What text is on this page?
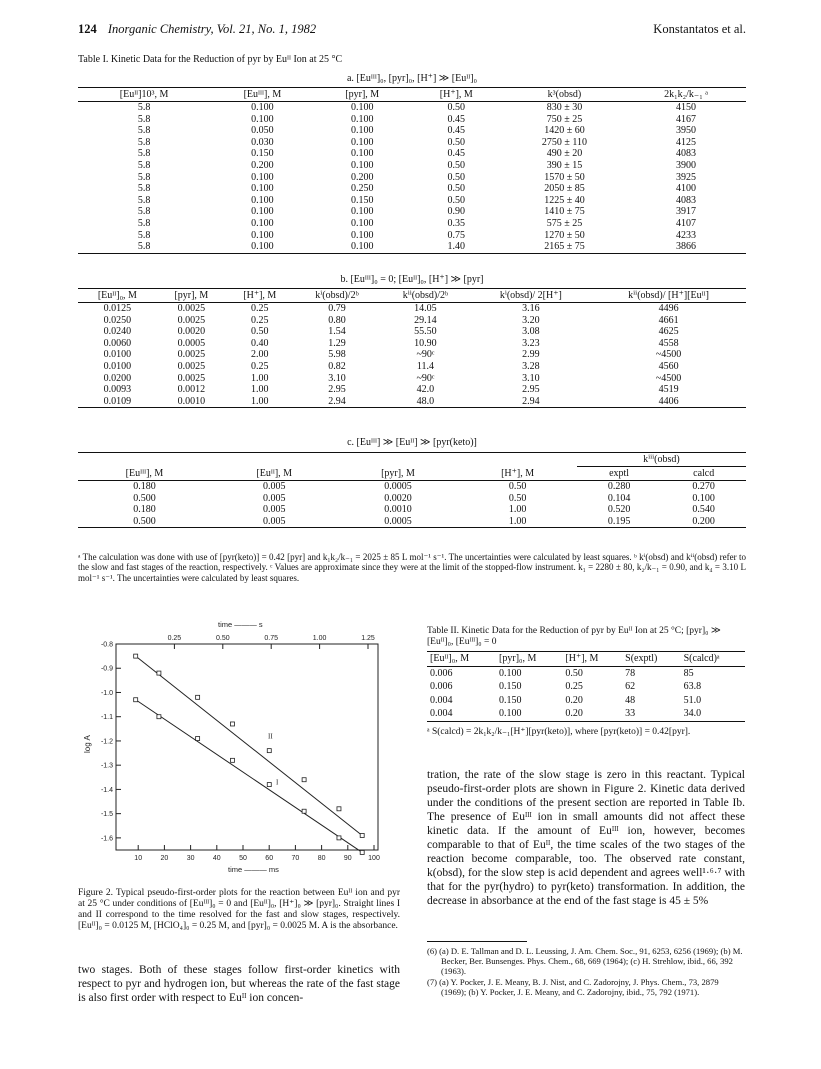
124 Inorganic Chemistry, Vol. 21, No. 1, 1982	Konstantatos et al.
Table I. Kinetic Data for the Reduction of pyr by Euᴵᴵ Ion at 25 °C
a. [Euᴵᴵᴵ]₀, [pyr]₀, [H⁺] ≫ [Euᴵᴵ]₀
[Euᴵᴵ]10³, M	[Euᴵᴵᴵ], M	[pyr], M	[H⁺], M	k³(obsd)	2k₁k₂/k₋₁ ᵃ
5.8	0.100	0.100	0.50	830 ± 30	4150
5.8	0.100	0.100	0.45	750 ± 25	4167
5.8	0.050	0.100	0.45	1420 ± 60	3950
5.8	0.030	0.100	0.50	2750 ± 110	4125
5.8	0.150	0.100	0.45	490 ± 20	4083
5.8	0.200	0.100	0.50	390 ± 15	3900
5.8	0.100	0.200	0.50	1570 ± 50	3925
5.8	0.100	0.250	0.50	2050 ± 85	4100
5.8	0.100	0.150	0.50	1225 ± 40	4083
5.8	0.100	0.100	0.90	1410 ± 75	3917
5.8	0.100	0.100	0.35	575 ± 25	4107
5.8	0.100	0.100	0.75	1270 ± 50	4233
5.8	0.100	0.100	1.40	2165 ± 75	3866
b. [Euᴵᴵᴵ]₀ = 0; [Euᴵᴵ]₀, [H⁺] ≫ [pyr]
[Euᴵᴵ]₀, M	[pyr], M	[H⁺], M	kⁱ(obsd)/2ᵇ	kⁱⁱ(obsd)/2ᵇ	kⁱ(obsd)/ 2[H⁺]	kⁱⁱ(obsd)/ [H⁺][Euᴵᴵ]
0.0125	0.0025	0.25	0.79	14.05	3.16	4496
0.0250	0.0025	0.25	0.80	29.14	3.20	4661
0.0240	0.0020	0.50	1.54	55.50	3.08	4625
0.0060	0.0005	0.40	1.29	10.90	3.23	4558
0.0100	0.0025	2.00	5.98	~90ᶜ	2.99	~4500
0.0100	0.0025	0.25	0.82	11.4	3.28	4560
0.0200	0.0025	1.00	3.10	~90ᶜ	3.10	~4500
0.0093	0.0012	1.00	2.95	42.0	2.95	4519
0.0109	0.0010	1.00	2.94	48.0	2.94	4406
c. [Euᴵᴵᴵ] ≫ [Euᴵᴵ] ≫ [pyr(keto)]
				kⁱⁱⁱ(obsd)	
[Euᴵᴵᴵ], M	[Euᴵᴵ], M	[pyr], M	[H⁺], M	exptl	calcd
0.180	0.005	0.0005	0.50	0.280	0.270
0.500	0.005	0.0020	0.50	0.104	0.100
0.180	0.005	0.0010	1.00	0.520	0.540
0.500	0.005	0.0005	1.00	0.195	0.200
ᵃ The calculation was done with use of [pyr(keto)] = 0.42 [pyr] and k₁k₂/k₋₁ = 2025 ± 85 L mol⁻¹ s⁻¹. The uncertainties were calculated by least squares. ᵇ kⁱ(obsd) and kⁱⁱ(obsd) refer to the slow and fast stages of the reaction, respectively. ᶜ Values are approximate since they were at the limit of the stopped-flow instrument. k₁ = 2280 ± 80, k₂/k₋₁ = 0.90, and k₄ = 3.10 L mol⁻¹ s⁻¹. The uncertainties were calculated by least squares.
time ——— s
time ——— ms
log A
0.25	0.50	0.75	1.00	1.25
10	20	30	40	50	60	70	80	90 100
-0.8
-0.9
-1.0
-1.1
-1.2
-1.3
-1.4
-1.5
-1.6
II
I
Figure 2. Typical pseudo-first-order plots for the reaction between Euᴵᴵ ion and pyr at 25 °C under conditions of [Euᴵᴵᴵ]₀ = 0 and [Euᴵᴵ]₀, [H⁺]₀ ≫ [pyr]₀. Straight lines I and II correspond to the time resolved for the fast and slow stages, respectively. [Euᴵᴵ]₀ = 0.0125 M, [HClO₄]₀ = 0.25 M, and [pyr]₀ = 0.0025 M. A is the absorbance.
two stages. Both of these stages follow first-order kinetics with respect to pyr and hydrogen ion, but whereas the rate of the fast stage is also first order with respect to Euᴵᴵ ion concen-
Table II. Kinetic Data for the Reduction of pyr by Euᴵᴵ Ion at 25 °C; [pyr]₀ ≫ [Euᴵᴵ]₀, [Euᴵᴵᴵ]₀ = 0
[Euᴵᴵ]₀, M	[pyr]₀, M	[H⁺], M	S(exptl)	S(calcd)ᵃ
0.006	0.100	0.50	78	85
0.006	0.150	0.25	62	63.8
0.004	0.150	0.20	48	51.0
0.004	0.100	0.20	33	34.0
ᵃ S(calcd) = 2k₁k₂/k₋₁[H⁺][pyr(keto)], where [pyr(keto)] = 0.42[pyr].
tration, the rate of the slow stage is zero in this reactant. Typical pseudo-first-order plots are shown in Figure 2. Kinetic data derived under the conditions of the present section are reported in Table Ib. The presence of Euᴵᴵᴵ ion in small amounts did not affect these kinetic data. If the amount of Euᴵᴵᴵ ion, however, becomes comparable to that of Euᴵᴵ, the time scales of the two stages of the reaction become comparable, too. The observed rate constant, k(obsd), for the slow step is acid dependent and agrees well¹·⁶·⁷ with that for the pyr(hydro) to pyr(keto) transformation. In addition, the decrease in absorbance at the end of the fast stage is 45 ± 5%

(6) (a) D. E. Tallman and D. L. Leussing, J. Am. Chem. Soc., 91, 6253, 6256 (1969); (b) M. Becker, Ber. Bunsenges. Phys. Chem., 68, 669 (1964); (c) H. Strehlow, ibid., 66, 392 (1963).

(7) (a) Y. Pocker, J. E. Meany, B. J. Nist, and C. Zadorojny, J. Phys. Chem., 73, 2879 (1969); (b) Y. Pocker, J. E. Meany, and C. Zadorojny, ibid., 75, 792 (1971).
